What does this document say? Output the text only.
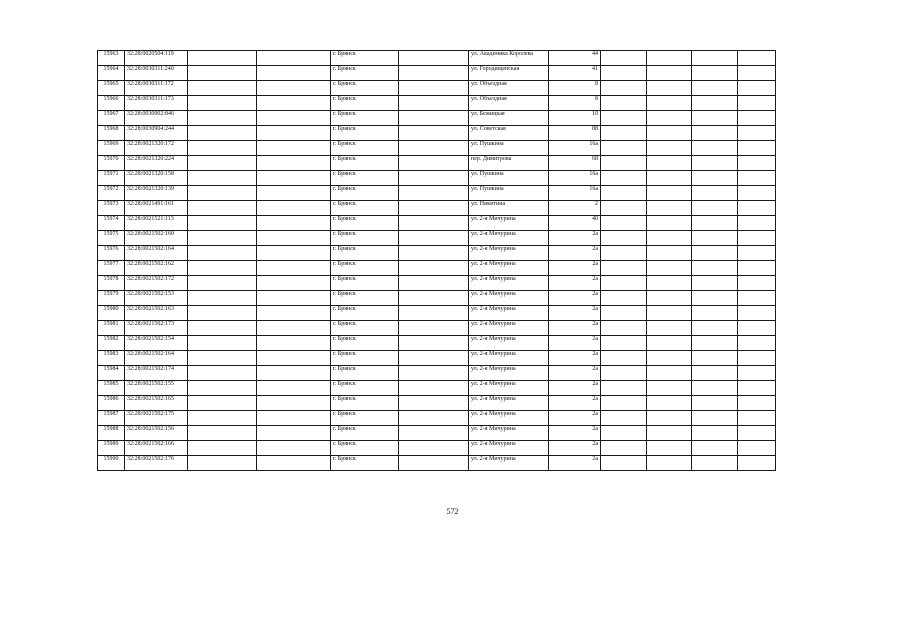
15963	32:28:0020504:119			г. Брянск		ул. Академика Королева	44				
15964	32:28:0030311:240			г. Брянск		ул. Городищенская	41				
15965	32:28:0030311:172			г. Брянск		ул. Объездная	8				
15966	32:28:0030311:173			г. Брянск		ул. Объездная	8				
15967	32:28:0030902:846			г. Брянск		ул. Бежицкая	10				
15968	32:28:0030904:244			г. Брянск		ул. Советская	88				
15969	32:28:0021320:172			г. Брянск		ул. Пушкина	16а				
15970	32:28:0021320:224			г. Брянск		пер. Димитрова	68				
15971	32:28:0021320:158			г. Брянск		ул. Пушкина	16а				
15972	32:28:0021320:139			г. Брянск		ул. Пушкина	16а				
15973	32:28:0021491:161			г. Брянск		ул. Никитина	2				
15974	32:28:0021521:113			г. Брянск		ул. 2-я Мичурина	40				
15975	32:28:0021502:160			г. Брянск		ул. 2-я Мичурина	2а				
15976	32:28:0021502:164			г. Брянск		ул. 2-я Мичурина	2а				
15977	32:28:0021502:162			г. Брянск		ул. 2-я Мичурина	2а				
15978	32:28:0021502:172			г. Брянск		ул. 2-я Мичурина	2а				
15979	32:28:0021502:153			г. Брянск		ул. 2-я Мичурина	2а				
15980	32:28:0021502:163			г. Брянск		ул. 2-я Мичурина	2а				
15981	32:28:0021502:173			г. Брянск		ул. 2-я Мичурина	2а				
15982	32:28:0021502:154			г. Брянск		ул. 2-я Мичурина	2а				
15983	32:28:0021502:164			г. Брянск		ул. 2-я Мичурина	2а				
15984	32:28:0021502:174			г. Брянск		ул. 2-я Мичурина	2а				
15985	32:28:0021502:155			г. Брянск		ул. 2-я Мичурина	2а				
15986	32:28:0021502:165			г. Брянск		ул. 2-я Мичурина	2а				
15987	32:28:0021502:175			г. Брянск		ул. 2-я Мичурина	2а				
15988	32:28:0021502:156			г. Брянск		ул. 2-я Мичурина	2а				
15989	32:28:0021502:166			г. Брянск		ул. 2-я Мичурина	2а				
15990	32:28:0021502:176			г. Брянск		ул. 2-я Мичурина	2а				
572
